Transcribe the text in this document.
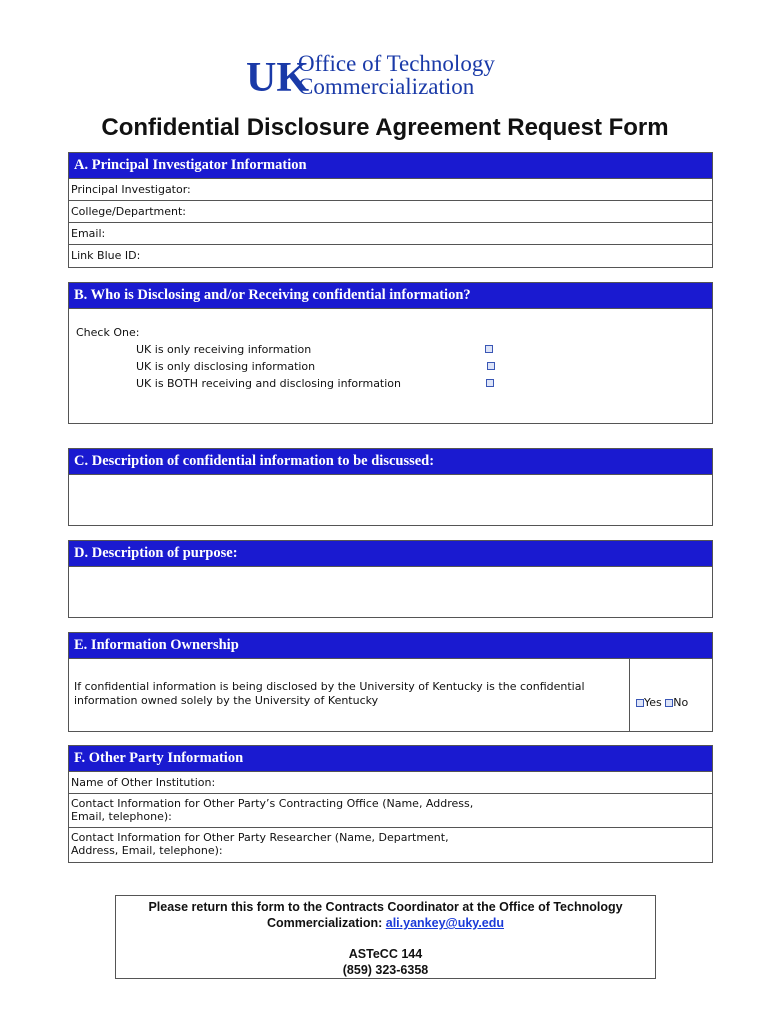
UK
Office of Technology
Commercialization
Confidential Disclosure Agreement Request Form
A. Principal Investigator Information
Principal Investigator:
College/Department:
Email:
Link Blue ID:
B. Who is Disclosing and/or Receiving confidential information?
Check One:
UK is only receiving information
UK is only disclosing information
UK is BOTH receiving and disclosing information
C. Description of confidential information to be discussed:
D. Description of purpose:
E. Information Ownership
If confidential information is being disclosed by the University of Kentucky is the confidential
information owned solely by the University of Kentucky	Yes No
F. Other Party Information
Name of Other Institution:
Contact Information for Other Party’s Contracting Office (Name, Address,
Email, telephone):
Contact Information for Other Party Researcher (Name, Department,
Address, Email, telephone):
Please return this form to the Contracts Coordinator at the Office of Technology
Commercialization: ali.yankey@uky.edu
ASTeCC 144
(859) 323-6358
